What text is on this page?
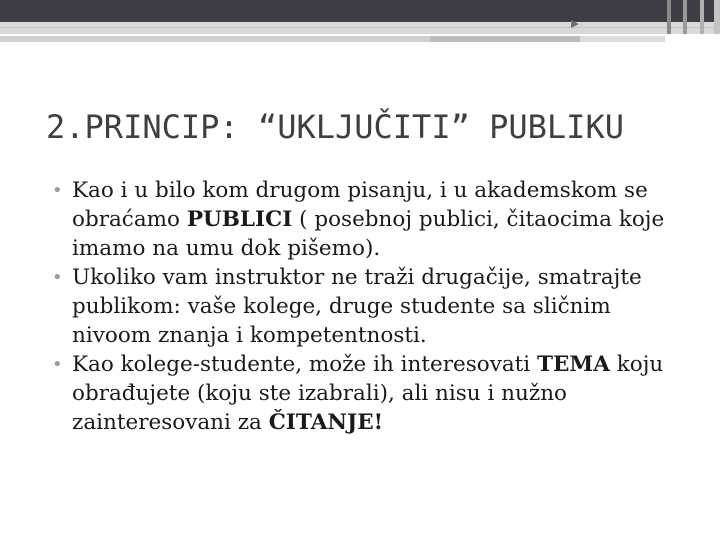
2.PRINCIP: “UKLJUČITI” PUBLIKU
• Kao i u bilo kom drugom pisanju, i u akademskom se obraćamo PUBLICI ( posebnoj publici, čitaocima koje imamo na umu dok pišemo).
• Ukoliko vam instruktor ne traži drugačije, smatrajte publikom: vaše kolege, druge studente sa sličnim nivoom znanja i kompetentnosti.
• Kao kolege-studente, može ih interesovati TEMA koju obrađujete (koju ste izabrali), ali nisu i nužno zainteresovani za ČITANJE!
